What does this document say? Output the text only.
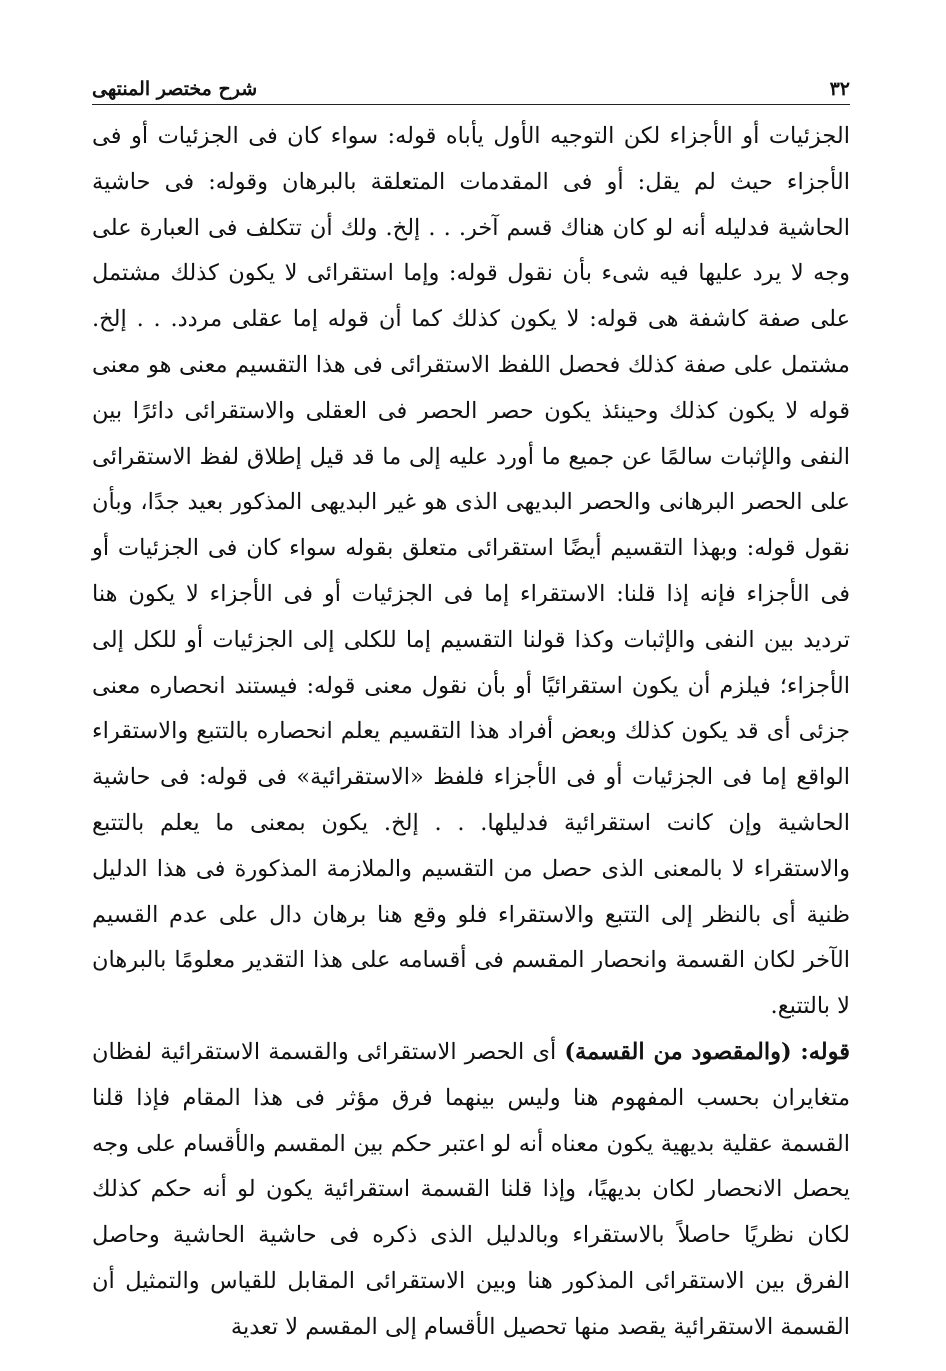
٣٢
شرح مختصر المنتهى

الجزئيات أو الأجزاء لكن التوجيه الأول يأباه قوله: سواء كان فى الجزئيات أو فى الأجزاء حيث لم يقل: أو فى المقدمات المتعلقة بالبرهان وقوله: فى حاشية الحاشية فدليله أنه لو كان هناك قسم آخر. . . إلخ. ولك أن تتكلف فى العبارة على وجه لا يرد عليها فيه شىء بأن نقول قوله: وإما استقرائى لا يكون كذلك مشتمل على صفة كاشفة هى قوله: لا يكون كذلك كما أن قوله إما عقلى مردد. . . إلخ. مشتمل على صفة كذلك فحصل اللفظ الاستقرائى فى هذا التقسيم معنى هو معنى قوله لا يكون كذلك وحينئذ يكون حصر الحصر فى العقلى والاستقرائى دائرًا بين النفى والإثبات سالمًا عن جميع ما أورد عليه إلى ما قد قيل إطلاق لفظ الاستقرائى على الحصر البرهانى والحصر البديهى الذى هو غير البديهى المذكور بعيد جدًا، وبأن نقول قوله: وبهذا التقسيم أيضًا استقرائى متعلق بقوله سواء كان فى الجزئيات أو فى الأجزاء فإنه إذا قلنا: الاستقراء إما فى الجزئيات أو فى الأجزاء لا يكون هنا ترديد بين النفى والإثبات وكذا قولنا التقسيم إما للكلى إلى الجزئيات أو للكل إلى الأجزاء؛ فيلزم أن يكون استقرائيًا أو بأن نقول معنى قوله: فيستند انحصاره معنى جزئى أى قد يكون كذلك وبعض أفراد هذا التقسيم يعلم انحصاره بالتتبع والاستقراء الواقع إما فى الجزئيات أو فى الأجزاء فلفظ «الاستقرائية» فى قوله: فى حاشية الحاشية وإن كانت استقرائية فدليلها. . . إلخ. يكون بمعنى ما يعلم بالتتبع والاستقراء لا بالمعنى الذى حصل من التقسيم والملازمة المذكورة فى هذا الدليل ظنية أى بالنظر إلى التتبع والاستقراء فلو وقع هنا برهان دال على عدم القسيم الآخر لكان القسمة وانحصار المقسم فى أقسامه على هذا التقدير معلومًا بالبرهان لا بالتتبع.

قوله: (والمقصود من القسمة) أى الحصر الاستقرائى والقسمة الاستقرائية لفظان متغايران بحسب المفهوم هنا وليس بينهما فرق مؤثر فى هذا المقام فإذا قلنا القسمة عقلية بديهية يكون معناه أنه لو اعتبر حكم بين المقسم والأقسام على وجه يحصل الانحصار لكان بديهيًا، وإذا قلنا القسمة استقرائية يكون لو أنه حكم كذلك لكان نظريًا حاصلاً بالاستقراء وبالدليل الذى ذكره فى حاشية الحاشية وحاصل الفرق بين الاستقرائى المذكور هنا وبين الاستقرائى المقابل للقياس والتمثيل أن القسمة الاستقرائية يقصد منها تحصيل الأقسام إلى المقسم لا تعدية
